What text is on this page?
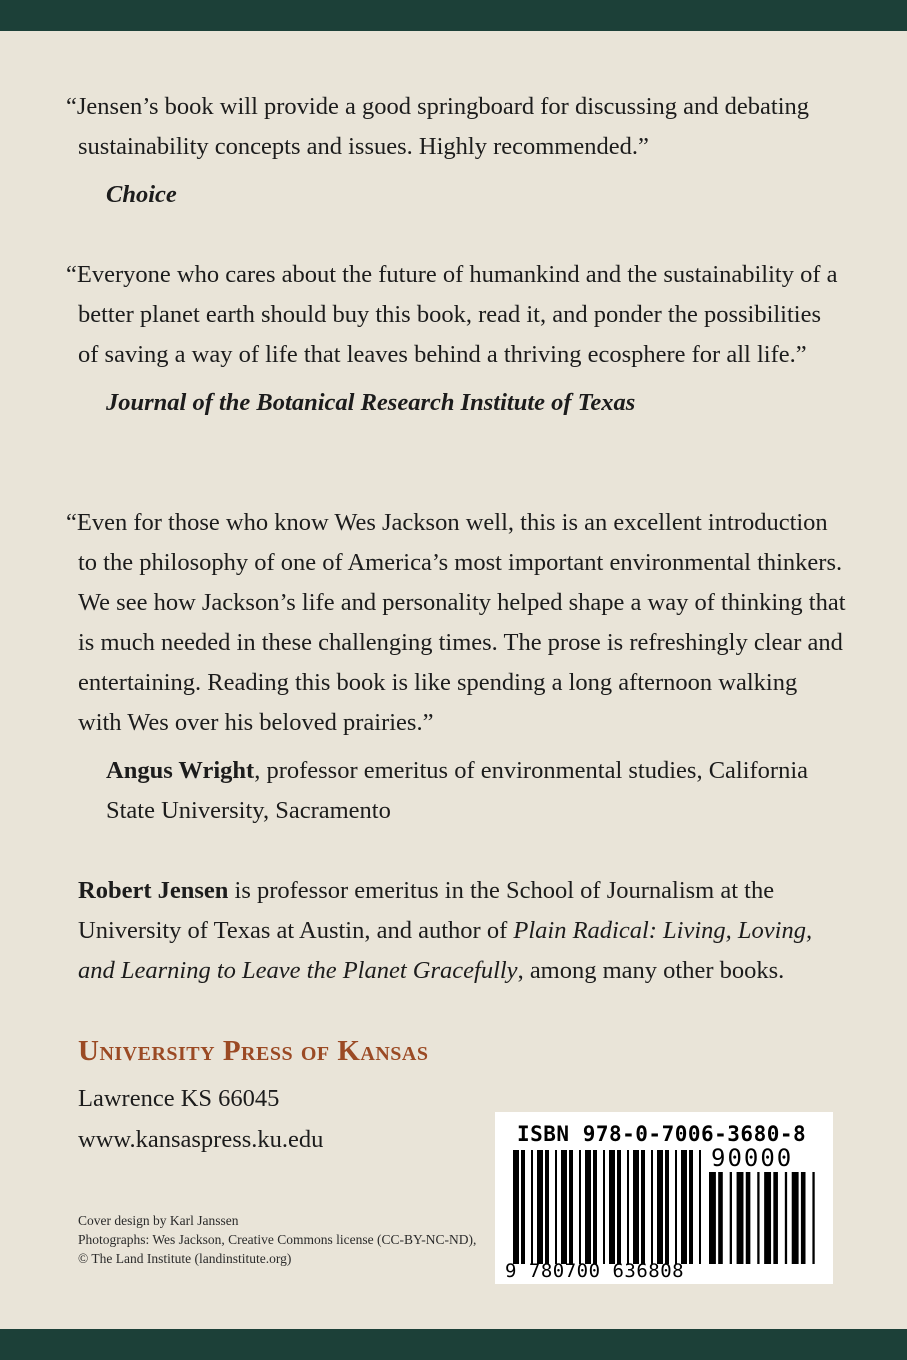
“Jensen’s book will provide a good springboard for discussing and debating sustainability concepts and issues. Highly recommended.”

Choice

“Everyone who cares about the future of humankind and the sustainability of a better planet earth should buy this book, read it, and ponder the possibilities of saving a way of life that leaves behind a thriving ecosphere for all life.”

Journal of the Botanical Research Institute of Texas

“Even for those who know Wes Jackson well, this is an excellent introduction to the philosophy of one of America’s most important environmental thinkers. We see how Jackson’s life and personality helped shape a way of thinking that is much needed in these challenging times. The prose is refreshingly clear and entertaining. Reading this book is like spending a long afternoon walking with Wes over his beloved prairies.”

Angus Wright, professor emeritus of environmental studies, California State University, Sacramento
Robert Jensen is professor emeritus in the School of Journalism at the University of Texas at Austin, and author of Plain Radical: Living, Loving, and Learning to Leave the Planet Gracefully, among many other books.
University Press of Kansas
Lawrence KS 66045
www.kansaspress.ku.edu
Cover design by Karl Janssen
Photographs: Wes Jackson, Creative Commons license (CC-BY-NC-ND), © The Land Institute (landinstitute.org)
ISBN 978-0-7006-3680-8
90000
9 780700 636808
